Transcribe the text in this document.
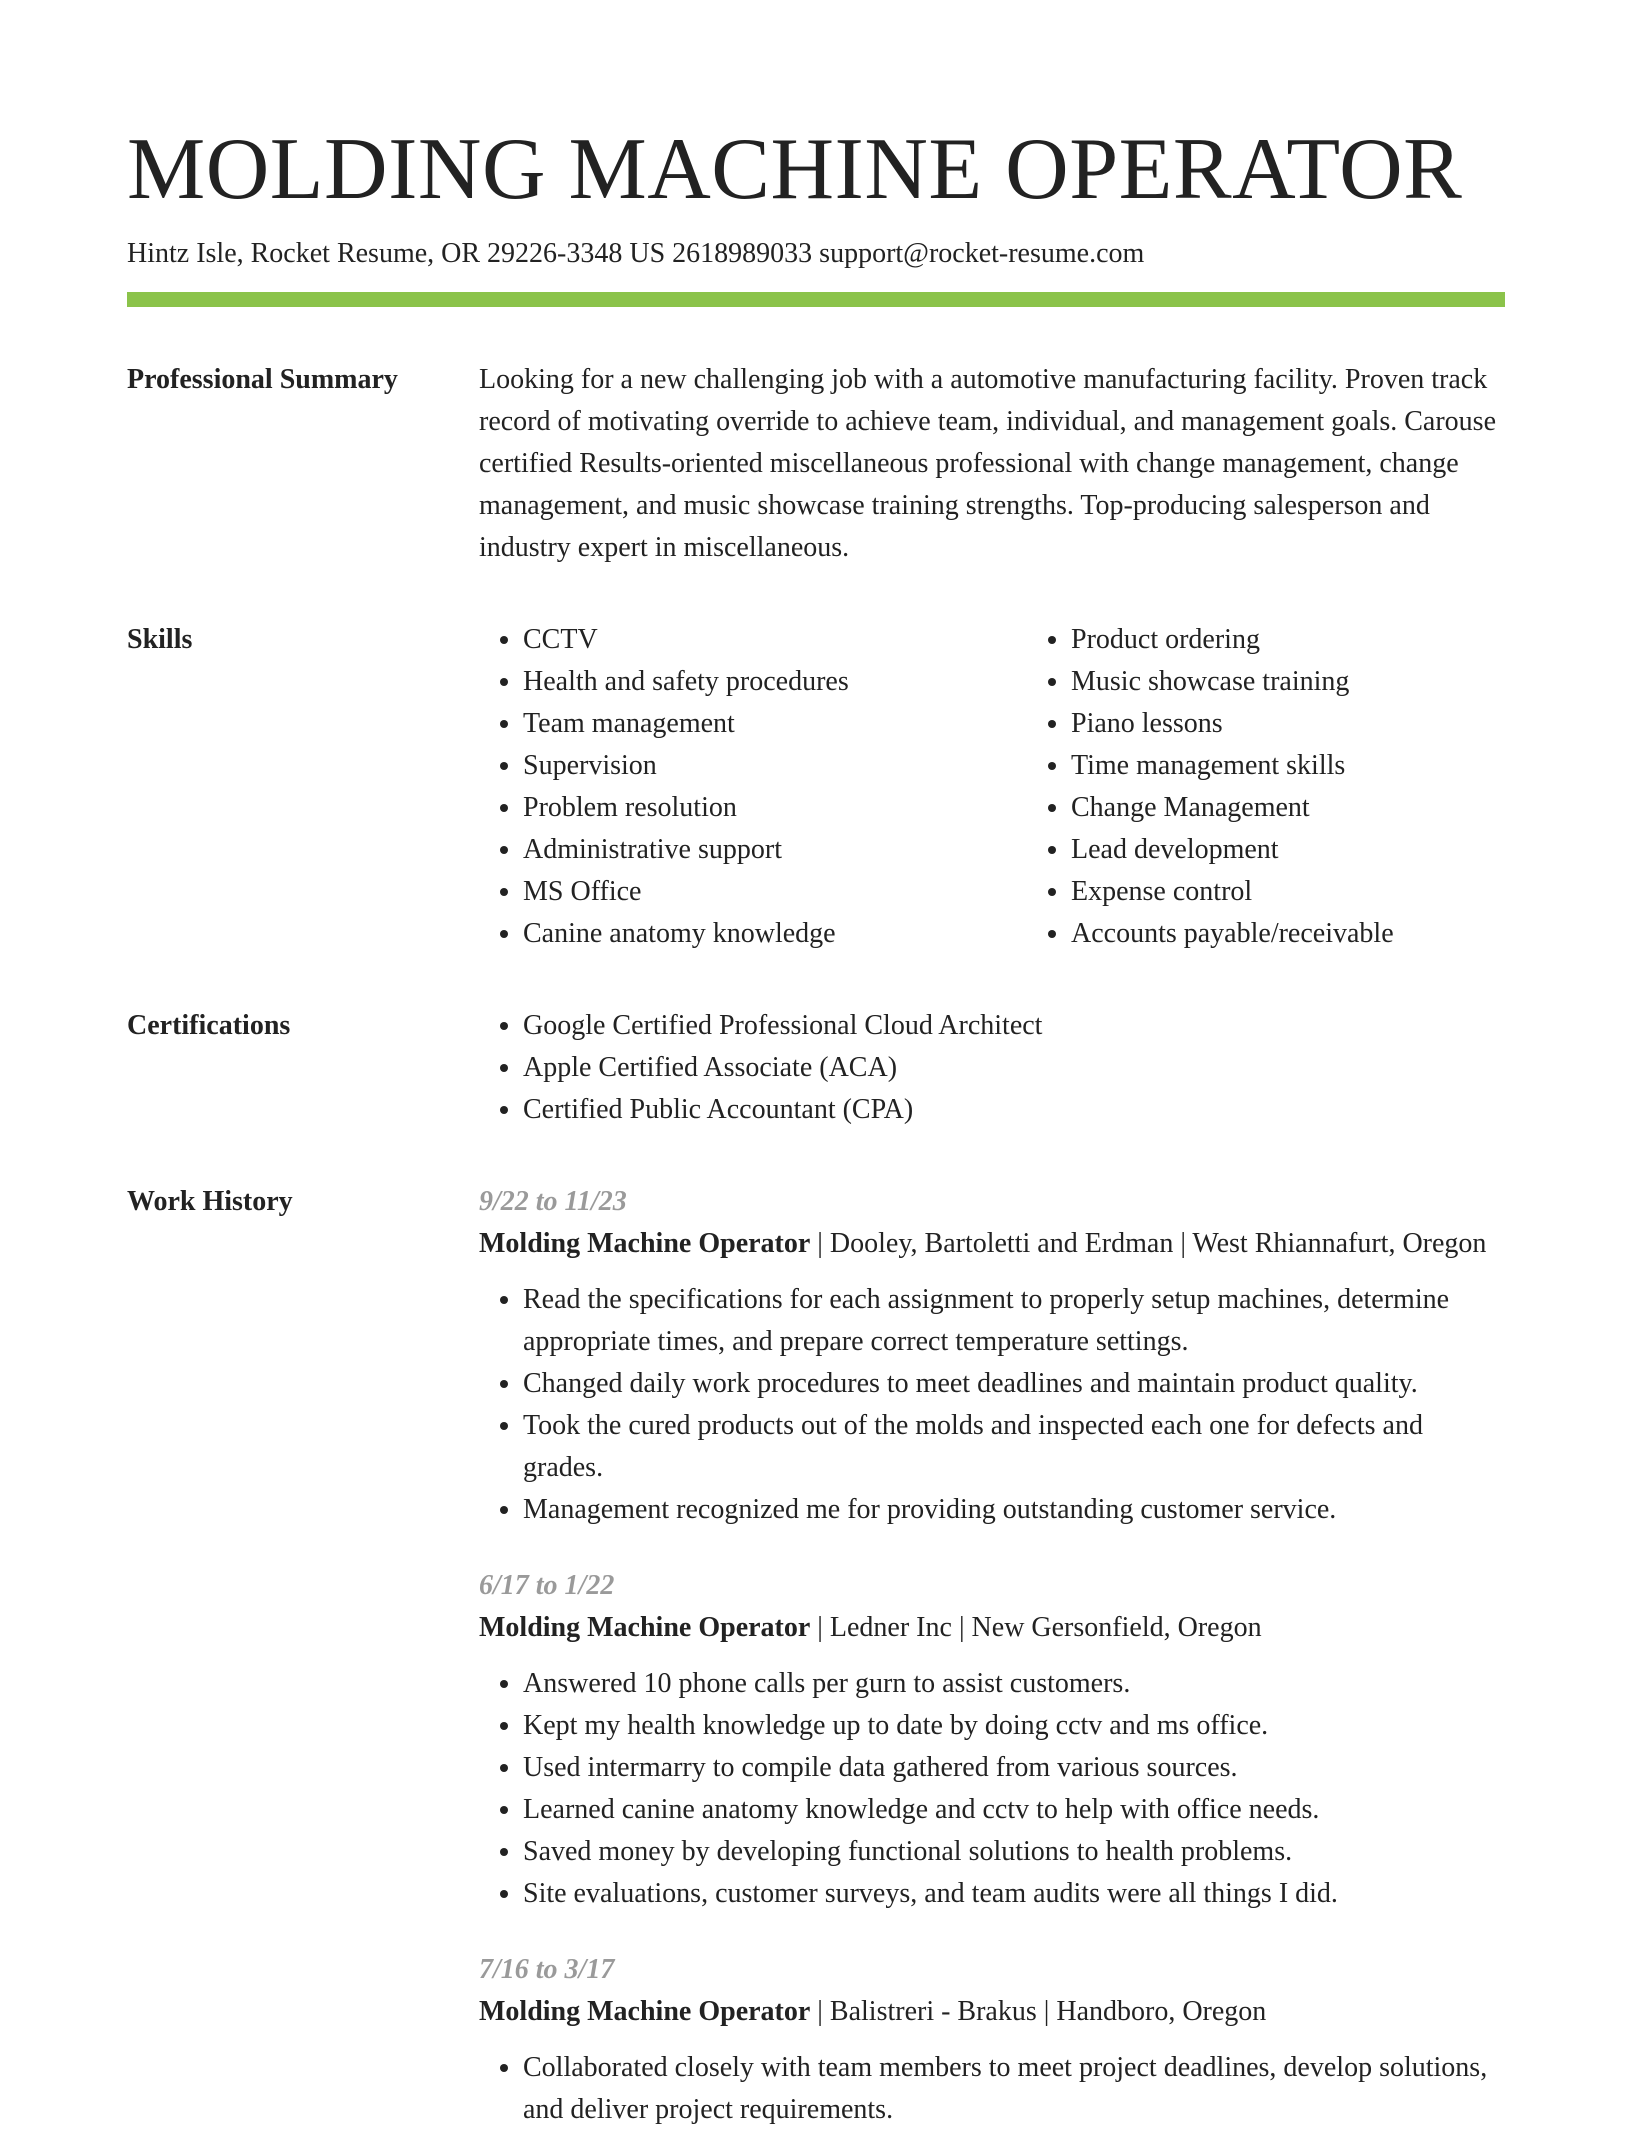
MOLDING MACHINE OPERATOR
Hintz Isle, Rocket Resume, OR 29226-3348 US 2618989033 support@rocket-resume.com
Professional Summary	Looking for a new challenging job with a automotive manufacturing facility. Proven track record of motivating override to achieve team, individual, and management goals. Carouse certified Results-oriented miscellaneous professional with change management, change management, and music showcase training strengths. Top-producing salesperson and industry expert in miscellaneous.

Skills	• CCTV
• Health and safety procedures
• Team management
• Supervision
• Problem resolution
• Administrative support
• MS Office
• Canine anatomy knowledge
• Product ordering
• Music showcase training
• Piano lessons
• Time management skills
• Change Management
• Lead development
• Expense control
• Accounts payable/receivable
Certifications	• Google Certified Professional Cloud Architect
• Apple Certified Associate (ACA)
• Certified Public Accountant (CPA)
Work History	9/22 to 11/23
Molding Machine Operator | Dooley, Bartoletti and Erdman | West Rhiannafurt, Oregon
• Read the specifications for each assignment to properly setup machines, determine appropriate times, and prepare correct temperature settings.
• Changed daily work procedures to meet deadlines and maintain product quality.
• Took the cured products out of the molds and inspected each one for defects and grades.
• Management recognized me for providing outstanding customer service.
6/17 to 1/22
Molding Machine Operator | Ledner Inc | New Gersonfield, Oregon
• Answered 10 phone calls per gurn to assist customers.
• Kept my health knowledge up to date by doing cctv and ms office.
• Used intermarry to compile data gathered from various sources.
• Learned canine anatomy knowledge and cctv to help with office needs.
• Saved money by developing functional solutions to health problems.
• Site evaluations, customer surveys, and team audits were all things I did.
7/16 to 3/17
Molding Machine Operator | Balistreri - Brakus | Handboro, Oregon
• Collaborated closely with team members to meet project deadlines, develop solutions, and deliver project requirements.
